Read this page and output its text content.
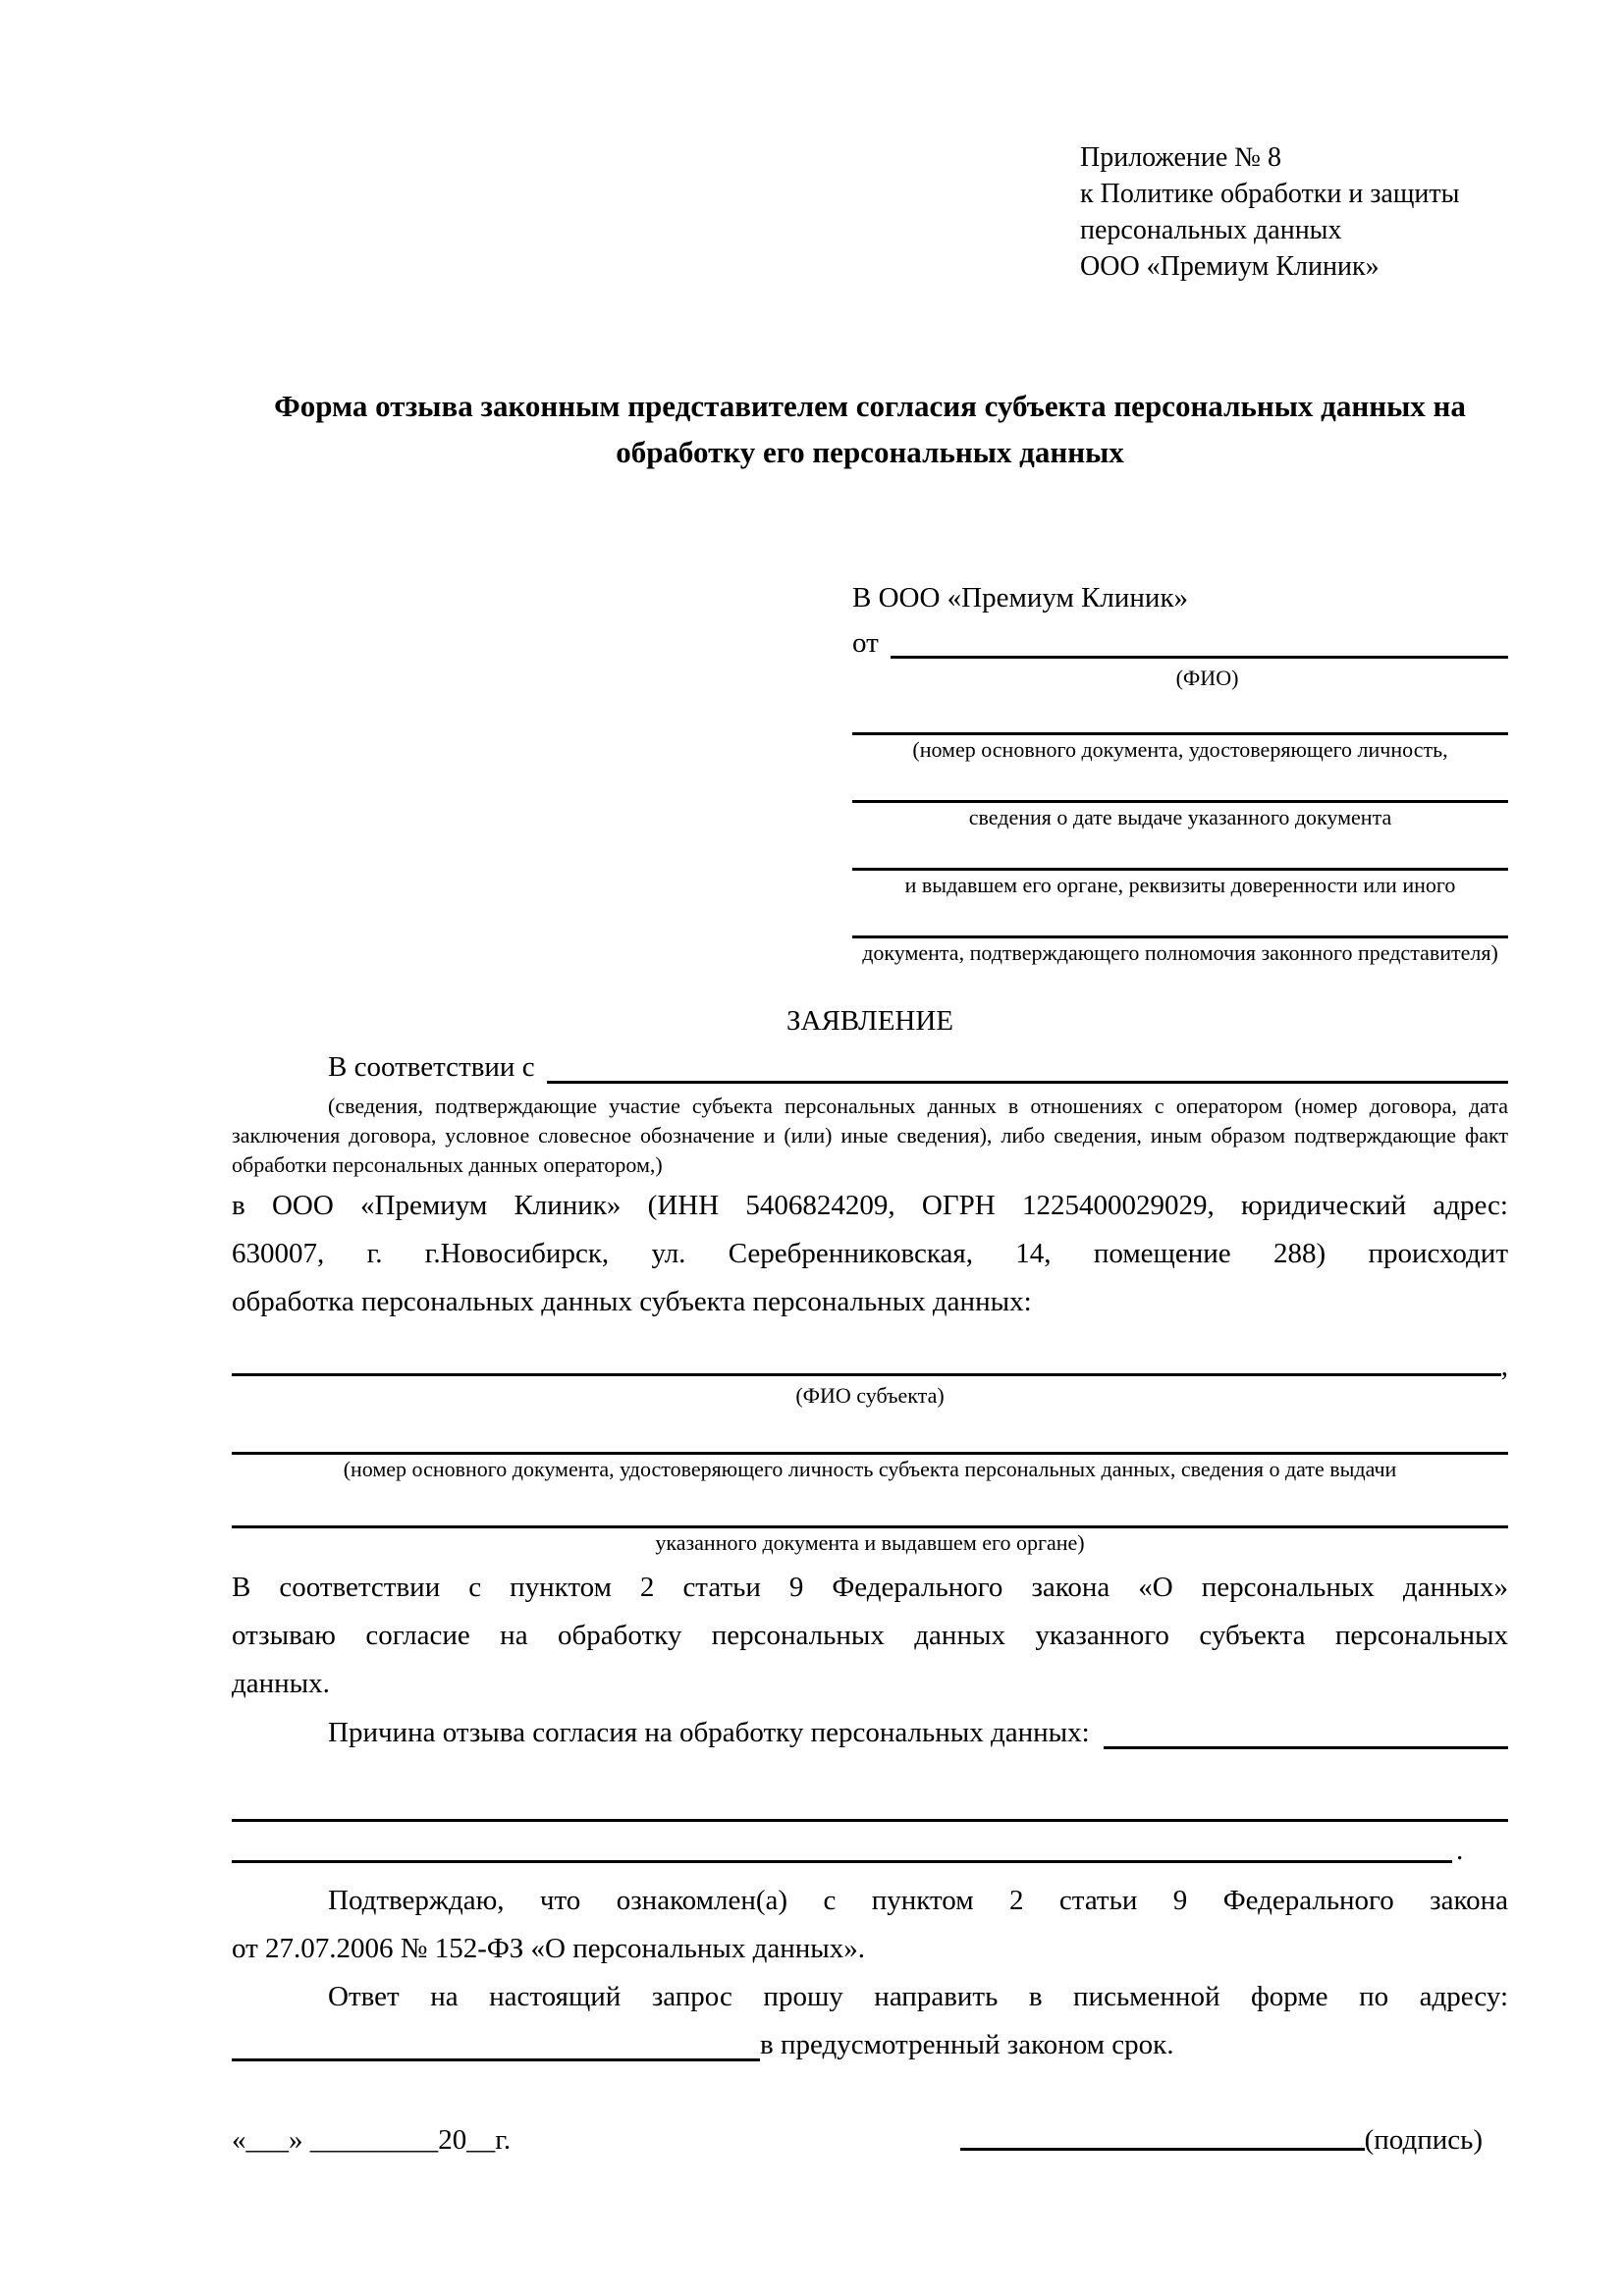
Приложение № 8
к Политике обработки и защиты
персональных данных
ООО «Премиум Клиник»
Форма отзыва законным представителем согласия субъекта персональных данных на обработку его персональных данных
В ООО «Премиум Клиник»
от
(ФИО)
(номер основного документа, удостоверяющего личность,
сведения о дате выдаче указанного документа
и выдавшем его органе, реквизиты доверенности или иного
документа, подтверждающего полномочия законного представителя)
ЗАЯВЛЕНИЕ
В соответствии с
(сведения, подтверждающие участие субъекта персональных данных в отношениях с оператором (номер договора, дата
заключения договора, условное словесное обозначение и (или) иные сведения), либо сведения, иным образом подтверждающие факт
обработки персональных данных оператором,)
в ООО «Премиум Клиник» (ИНН 5406824209, ОГРН 1225400029029, юридический адрес:
630007, г. г.Новосибирск, ул. Серебренниковская, 14, помещение 288) происходит
обработка персональных данных субъекта персональных данных:
,
(ФИО субъекта)
(номер основного документа, удостоверяющего личность субъекта персональных данных, сведения о дате выдачи
указанного документа и выдавшем его органе)
В соответствии с пунктом 2 статьи 9 Федерального закона «О персональных данных»
отзываю согласие на обработку персональных данных указанного субъекта персональных
данных.
Причина отзыва согласия на обработку персональных данных:
.
Подтверждаю, что ознакомлен(а) с пунктом 2 статьи 9 Федерального закона
от 27.07.2006 № 152-ФЗ «О персональных данных».
Ответ на настоящий запрос прошу направить в письменной форме по адресу:
в предусмотренный законом срок.
«___» _________20__г.	(подпись)
